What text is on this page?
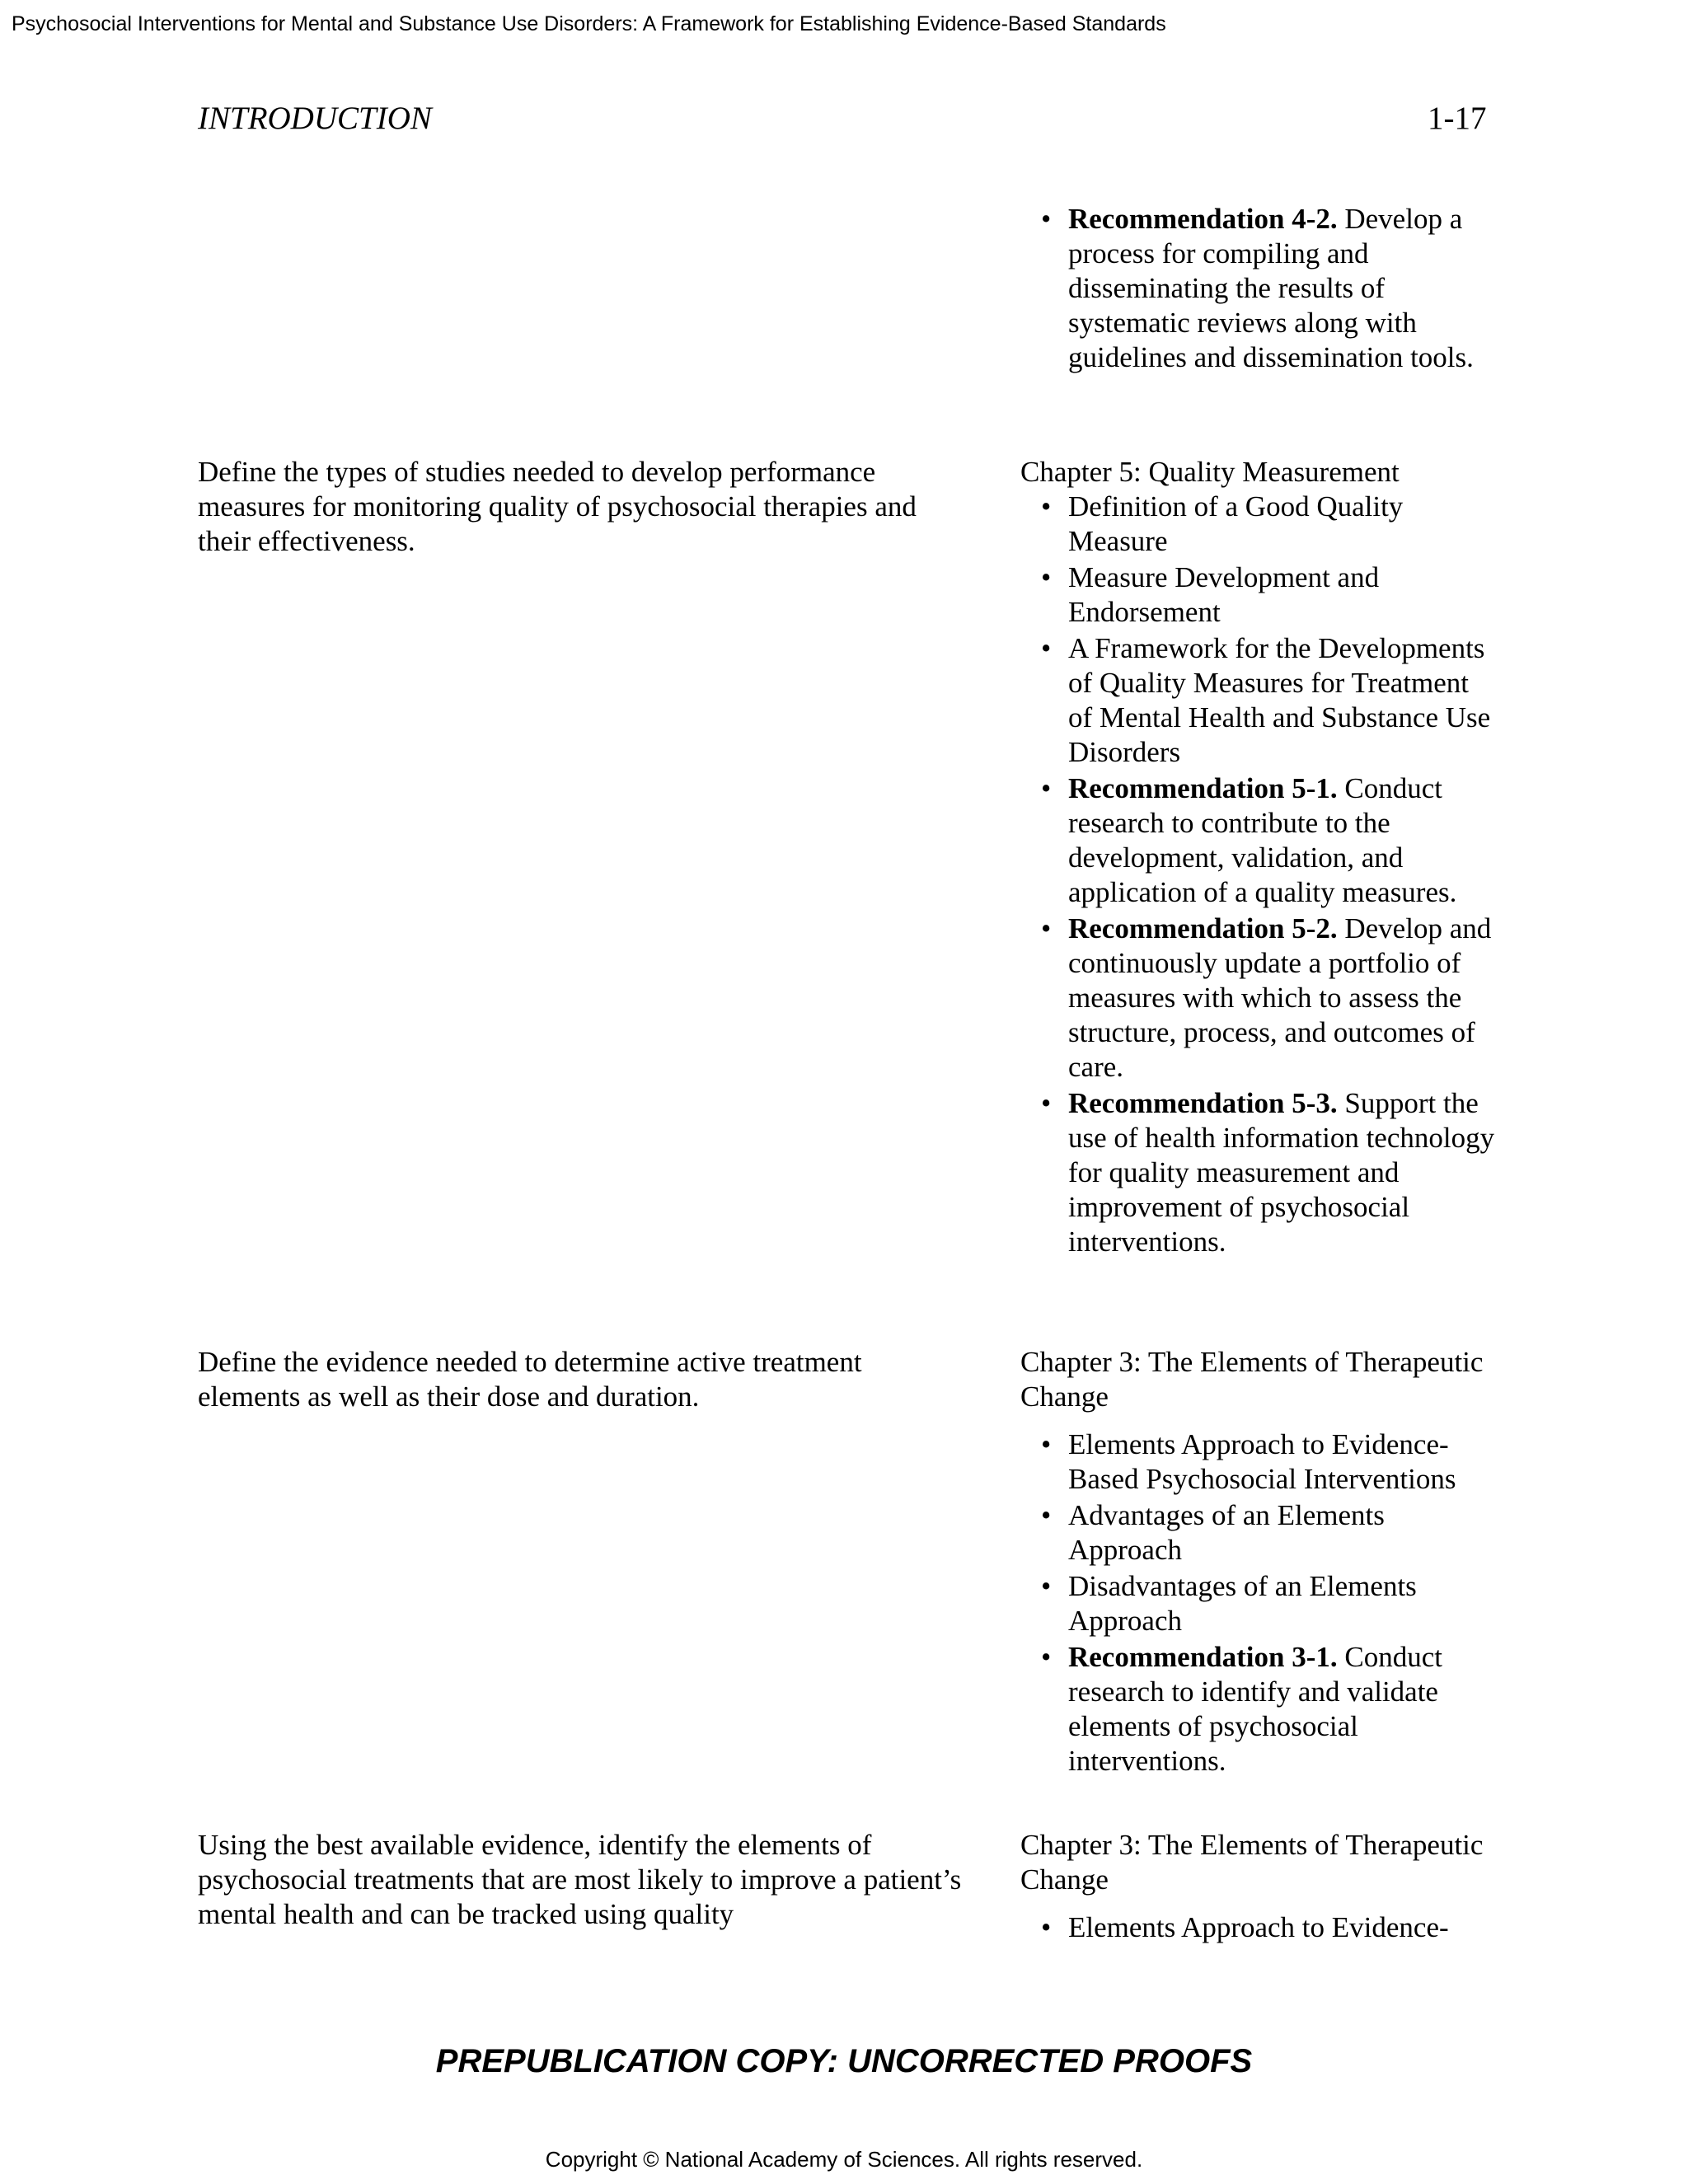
Psychosocial Interventions for Mental and Substance Use Disorders: A Framework for Establishing Evidence-Based Standards
INTRODUCTION	1-17
• Recommendation 4-2. Develop a process for compiling and disseminating the results of systematic reviews along with guidelines and dissemination tools.
Define the types of studies needed to develop performance measures for monitoring quality of psychosocial therapies and their effectiveness.

Chapter 5: Quality Measurement

• Definition of a Good Quality Measure
• Measure Development and Endorsement
• A Framework for the Developments of Quality Measures for Treatment of Mental Health and Substance Use Disorders
• Recommendation 5-1. Conduct research to contribute to the development, validation, and application of a quality measures.
• Recommendation 5-2. Develop and continuously update a portfolio of measures with which to assess the structure, process, and outcomes of care.
• Recommendation 5-3. Support the use of health information technology for quality measurement and improvement of psychosocial interventions.
Define the evidence needed to determine active treatment elements as well as their dose and duration.

Chapter 3: The Elements of Therapeutic Change

• Elements Approach to Evidence-Based Psychosocial Interventions
• Advantages of an Elements Approach
• Disadvantages of an Elements Approach
• Recommendation 3-1. Conduct research to identify and validate elements of psychosocial interventions.
Using the best available evidence, identify the elements of psychosocial treatments that are most likely to improve a patient’s mental health and can be tracked using quality

Chapter 3: The Elements of Therapeutic Change

• Elements Approach to Evidence-
PREPUBLICATION COPY: UNCORRECTED PROOFS
Copyright © National Academy of Sciences. All rights reserved.
